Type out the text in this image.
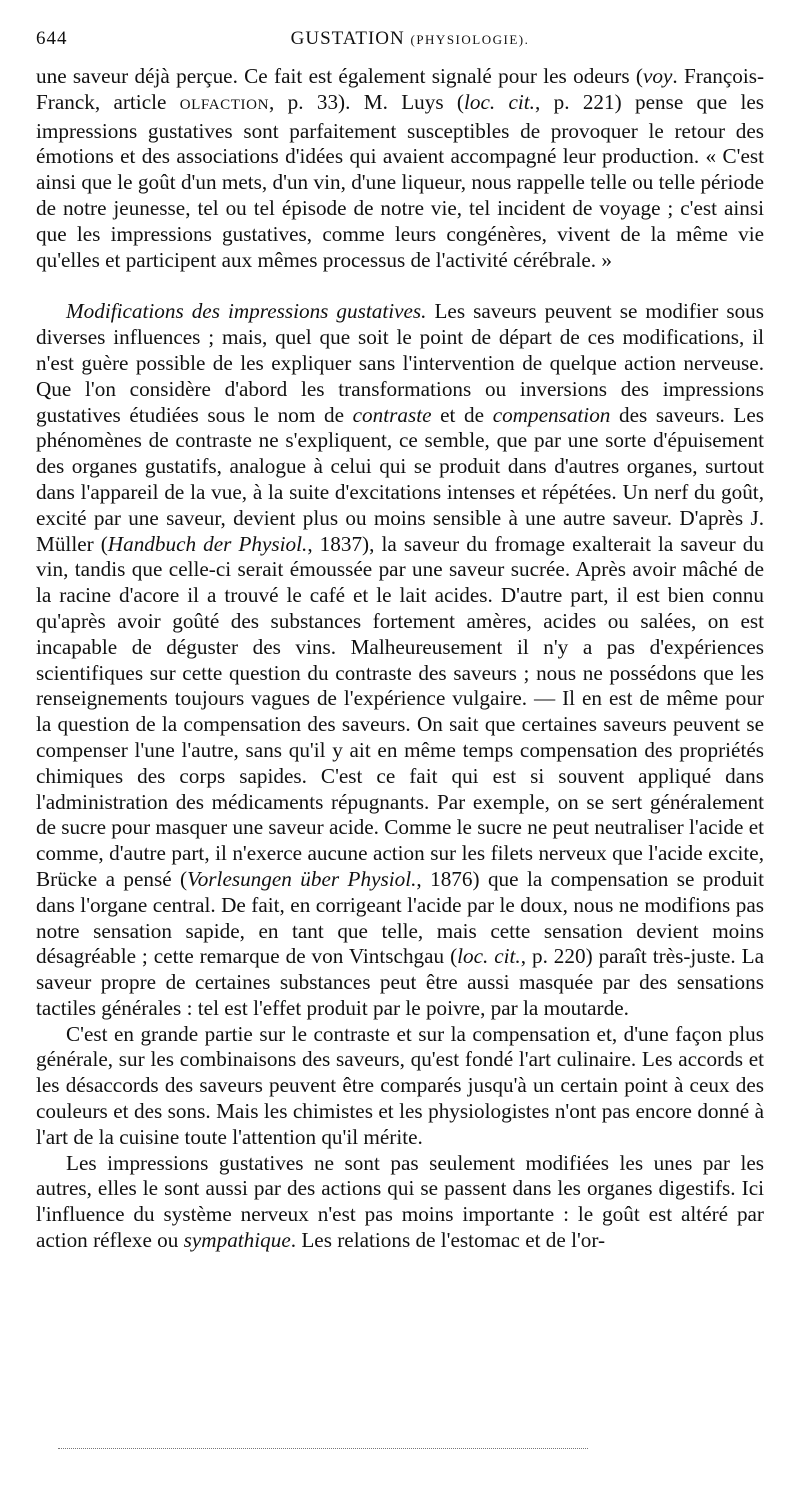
644	GUSTATION (PHYSIOLOGIE).

une saveur déjà perçue. Ce fait est également signalé pour les odeurs (voy. François-Franck, article OLFACTION, p. 33). M. Luys (loc. cit., p. 221) pense que les impressions gustatives sont parfaitement susceptibles de provoquer le retour des émotions et des associations d'idées qui avaient accompagné leur production. « C'est ainsi que le goût d'un mets, d'un vin, d'une liqueur, nous rappelle telle ou telle période de notre jeunesse, tel ou tel épisode de notre vie, tel incident de voyage ; c'est ainsi que les impressions gustatives, comme leurs congénères, vivent de la même vie qu'elles et participent aux mêmes processus de l'activité cérébrale. »

Modifications des impressions gustatives. Les saveurs peuvent se modifier sous diverses influences ; mais, quel que soit le point de départ de ces modifications, il n'est guère possible de les expliquer sans l'intervention de quelque action nerveuse. Que l'on considère d'abord les transformations ou inversions des impressions gustatives étudiées sous le nom de contraste et de compensation des saveurs. Les phénomènes de contraste ne s'expliquent, ce semble, que par une sorte d'épuisement des organes gustatifs, analogue à celui qui se produit dans d'autres organes, surtout dans l'appareil de la vue, à la suite d'excitations intenses et répétées. Un nerf du goût, excité par une saveur, devient plus ou moins sensible à une autre saveur. D'après J. Müller (Handbuch der Physiol., 1837), la saveur du fromage exalterait la saveur du vin, tandis que celle-ci serait émoussée par une saveur sucrée. Après avoir mâché de la racine d'acore il a trouvé le café et le lait acides. D'autre part, il est bien connu qu'après avoir goûté des substances fortement amères, acides ou salées, on est incapable de déguster des vins. Malheureusement il n'y a pas d'expériences scientifiques sur cette question du contraste des saveurs ; nous ne possédons que les renseignements toujours vagues de l'expérience vulgaire. — Il en est de même pour la question de la compensation des saveurs. On sait que certaines saveurs peuvent se compenser l'une l'autre, sans qu'il y ait en même temps compensation des propriétés chimiques des corps sapides. C'est ce fait qui est si souvent appliqué dans l'administration des médicaments répugnants. Par exemple, on se sert généralement de sucre pour masquer une saveur acide. Comme le sucre ne peut neutraliser l'acide et comme, d'autre part, il n'exerce aucune action sur les filets nerveux que l'acide excite, Brücke a pensé (Vorlesungen über Physiol., 1876) que la compensation se produit dans l'organe central. De fait, en corrigeant l'acide par le doux, nous ne modifions pas notre sensation sapide, en tant que telle, mais cette sensation devient moins désagréable ; cette remarque de von Vintschgau (loc. cit., p. 220) paraît très-juste. La saveur propre de certaines substances peut être aussi masquée par des sensations tactiles générales : tel est l'effet produit par le poivre, par la moutarde.

C'est en grande partie sur le contraste et sur la compensation et, d'une façon plus générale, sur les combinaisons des saveurs, qu'est fondé l'art culinaire. Les accords et les désaccords des saveurs peuvent être comparés jusqu'à un certain point à ceux des couleurs et des sons. Mais les chimistes et les physiologistes n'ont pas encore donné à l'art de la cuisine toute l'attention qu'il mérite.

Les impressions gustatives ne sont pas seulement modifiées les unes par les autres, elles le sont aussi par des actions qui se passent dans les organes digestifs. Ici l'influence du système nerveux n'est pas moins importante : le goût est altéré par action réflexe ou sympathique. Les relations de l'estomac et de l'or-
